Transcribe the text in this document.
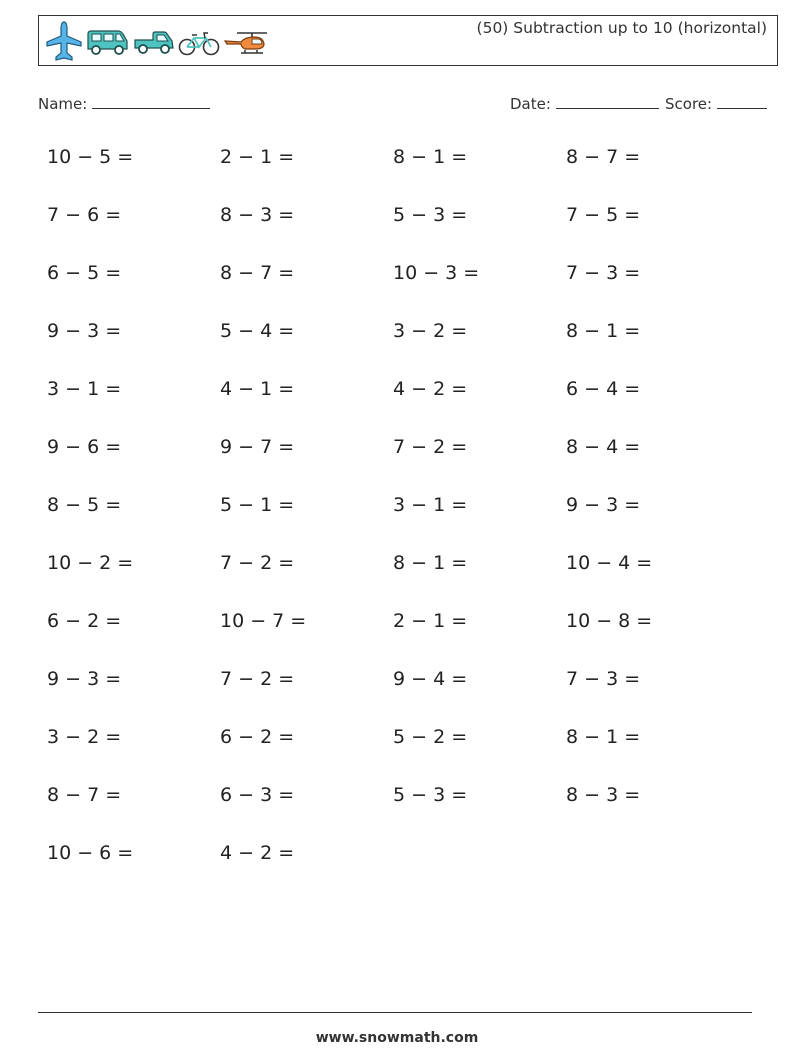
(50) Subtraction up to 10 (horizontal)
Name:	Date:	Score:
10 − 5 =	2 − 1 =	8 − 1 =	8 − 7 =
7 − 6 =	8 − 3 =	5 − 3 =	7 − 5 =
6 − 5 =	8 − 7 =	10 − 3 =	7 − 3 =
9 − 3 =	5 − 4 =	3 − 2 =	8 − 1 =
3 − 1 =	4 − 1 =	4 − 2 =	6 − 4 =
9 − 6 =	9 − 7 =	7 − 2 =	8 − 4 =
8 − 5 =	5 − 1 =	3 − 1 =	9 − 3 =
10 − 2 =	7 − 2 =	8 − 1 =	10 − 4 =
6 − 2 =	10 − 7 =	2 − 1 =	10 − 8 =
9 − 3 =	7 − 2 =	9 − 4 =	7 − 3 =
3 − 2 =	6 − 2 =	5 − 2 =	8 − 1 =
8 − 7 =	6 − 3 =	5 − 3 =	8 − 3 =
10 − 6 =	4 − 2 =
www.snowmath.com
